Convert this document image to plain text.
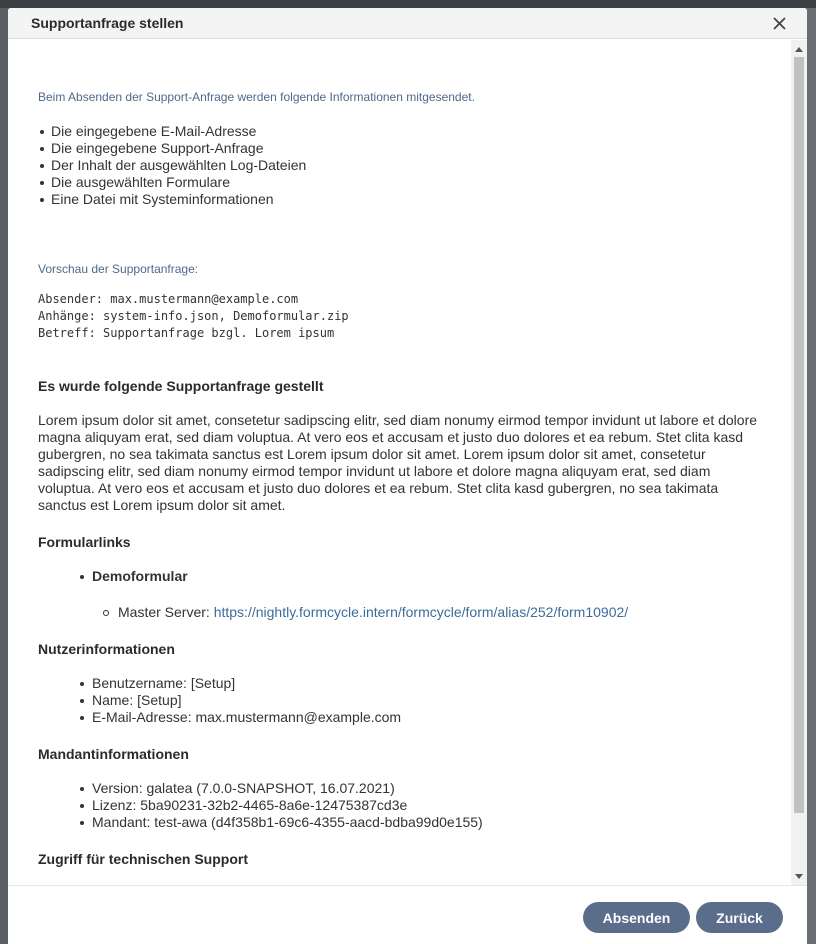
Supportanfrage stellen
Beim Absenden der Support-Anfrage werden folgende Informationen mitgesendet.
Die eingegebene E-Mail-Adresse
Die eingegebene Support-Anfrage
Der Inhalt der ausgewählten Log-Dateien
Die ausgewählten Formulare
Eine Datei mit Systeminformationen
Vorschau der Supportanfrage:
Absender: max.mustermann@example.com
Anhänge: system-info.json, Demoformular.zip
Betreff: Supportanfrage bzgl. Lorem ipsum
Es wurde folgende Supportanfrage gestellt
Lorem ipsum dolor sit amet, consetetur sadipscing elitr, sed diam nonumy eirmod tempor invidunt ut labore et dolore magna aliquyam erat, sed diam voluptua. At vero eos et accusam et justo duo dolores et ea rebum. Stet clita kasd gubergren, no sea takimata sanctus est Lorem ipsum dolor sit amet. Lorem ipsum dolor sit amet, consetetur sadipscing elitr, sed diam nonumy eirmod tempor invidunt ut labore et dolore magna aliquyam erat, sed diam voluptua. At vero eos et accusam et justo duo dolores et ea rebum. Stet clita kasd gubergren, no sea takimata sanctus est Lorem ipsum dolor sit amet.
Formularlinks
Demoformular
Master Server: https://nightly.formcycle.intern/formcycle/form/alias/252/form10902/
Nutzerinformationen
Benutzername: [Setup]
Name: [Setup]
E-Mail-Adresse: max.mustermann@example.com
Mandantinformationen
Version: galatea (7.0.0-SNAPSHOT, 16.07.2021)
Lizenz: 5ba90231-32b2-4465-8a6e-12475387cd3e
Mandant: test-awa (d4f358b1-69c6-4355-aacd-bdba99d0e155)
Zugriff für technischen Support
Absenden	Zurück
